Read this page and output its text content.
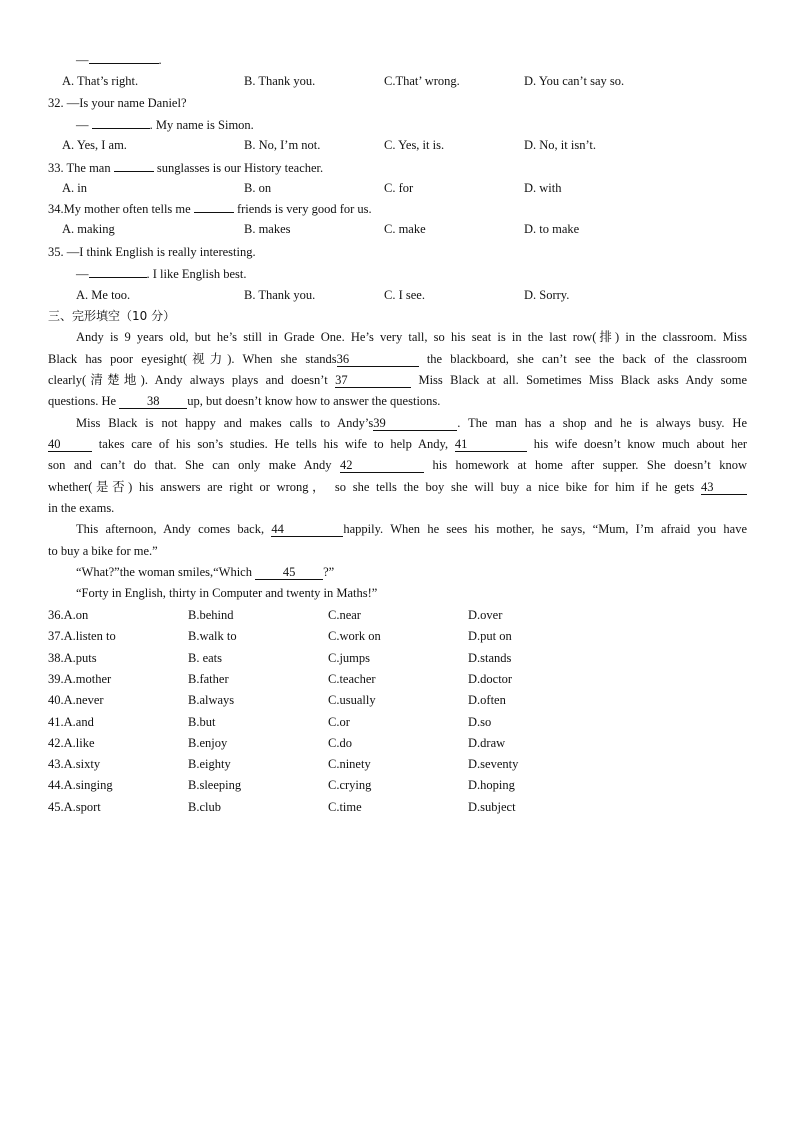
—	.
A. That’s right.	B. Thank you.	C.That’ wrong.	D. You can’t say so.
32. —Is your name Daniel?
—	. My name is Simon.
A. Yes, I am.	B. No, I’m not.	C. Yes, it is.	D. No, it isn’t.
33. The man	sunglasses is our History teacher.
A. in	B. on	C. for	D. with
34.My mother often tells me	friends is very good for us.
A. making	B. makes	C. make	D. to make
35. —I think English is really interesting.
—	. I like English best.
A. Me too.	B. Thank you.	C. I see.	D. Sorry.
三、完形填空（10 分）
Andy is 9 years old, but he’s still in Grade One. He’s very tall, so his seat is in the last row(排) in the classroom. Miss
Black has poor eyesight(视力). When she stands36	the blackboard, she can’t see the back of the classroom
clearly(清楚地). Andy always plays and doesn’t 37	Miss Black at all. Sometimes Miss Black asks Andy some
questions. He 38 up, but doesn’t know how to answer the questions.
Miss Black is not happy and makes calls to Andy’s39	. The man has a shop and he is always busy. He
40	takes care of his son’s studies. He tells his wife to help Andy, 41	his wife doesn’t know much about her
son and can’t do that. She can only make Andy 42	his homework at home after supper. She doesn’t know
whether(是否) his answers are right or wrong， so she tells the boy she will buy a nice bike for him if he gets 43
in the exams.
This afternoon, Andy comes back, 44	happily. When he sees his mother, he says, “Mum, I’m afraid you have
to buy a bike for me.”
“What?”the woman smiles,“Which 45 ?”
“Forty in English, thirty in Computer and twenty in Maths!”
36.A.on	B.behind	C.near	D.over
37.A.listen to	B.walk to	C.work on	D.put on
38.A.puts	B. eats	C.jumps	D.stands
39.A.mother	B.father	C.teacher	D.doctor
40.A.never	B.always	C.usually	D.often
41.A.and	B.but	C.or	D.so
42.A.like	B.enjoy	C.do	D.draw
43.A.sixty	B.eighty	C.ninety	D.seventy
44.A.singing	B.sleeping	C.crying	D.hoping
45.A.sport	B.club	C.time	D.subject
